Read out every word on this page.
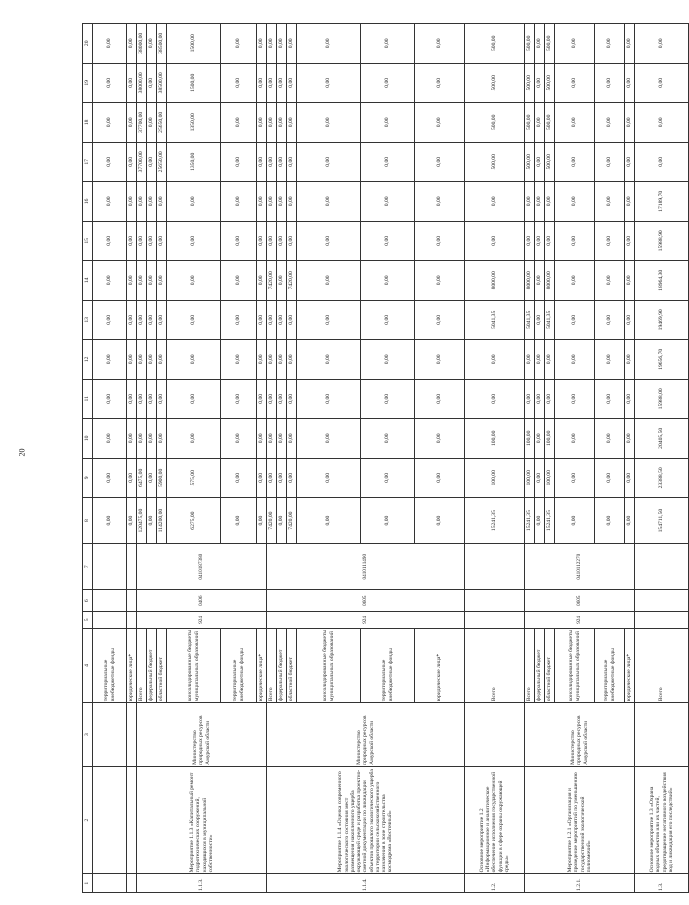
20
1	2	3	4	5	6	7	8	9	10	11	12	13	14	15	16	17	18	19	20
			территориальные внебюджетные фонды				0,00	0,00	0,00	0,00	0,00	0,00	0,00	0,00	0,00	0,00	0,00	0,00	0,00
			юридические лица*				0,00	0,00	0,00	0,00	0,00	0,00	0,00	0,00	0,00	0,00	0,00	0,00	0,00
1.1.3.	Мероприятие 1.1.3 «Капитальный ремонт гидротехнических сооружений, находящихся в муниципальной собственности»	Министерство природных ресурсов Амурской области	Всего	924	0406	0410187380	120475,00	6475,00	0,00	0,00	0,00	0,00	0,00	0,00	0,00	37700,00	37700,00	38000,00	38000,00
			федеральный бюджет				0,00	0,00	0,00	0,00	0,00	0,00	0,00	0,00	0,00	0,00	0,00	0,00	0,00
			областной бюджет				114200,00	5900,00	0,00	0,00	0,00	0,00	0,00	0,00	0,00	25650,00	25650,00	38500,00	38500,00
			консолидированные бюджеты муниципальных образований				6275,00	575,00	0,00	0,00	0,00	0,00	0,00	0,00	0,00	1350,00	1350,00	1500,00	1500,00
			территориальные внебюджетные фонды				0,00	0,00	0,00	0,00	0,00	0,00	0,00	0,00	0,00	0,00	0,00	0,00	0,00
			юридические лица*				0,00	0,00	0,00	0,00	0,00	0,00	0,00	0,00	0,00	0,00	0,00	0,00	0,00
1.1.4.	Мероприятие 1.1.4 «Оценка современного экологического состояния мест размещения накопленного ущерба окружающей среде и разработка проектно-сметной документации по ликвидации объектов прошлого экологического ущерба на территории сельскохозяйственного назначения в зоне строительства космодрома «Восточный»	Министерство природных ресурсов Амурской области	Всего	924	0605	0410111490	7420,00	0,00	0,00	0,00	0,00	0,00	7420,00	0,00	0,00	0,00	0,00	0,00	0,00
			федеральный бюджет				0,00	0,00	0,00	0,00	0,00	0,00	0,00	0,00	0,00	0,00	0,00	0,00	0,00
			областной бюджет				7420,00	0,00	0,00	0,00	0,00	0,00	7420,00	0,00	0,00	0,00	0,00	0,00	0,00
			консолидированные бюджеты муниципальных образований				0,00	0,00	0,00	0,00	0,00	0,00	0,00	0,00	0,00	0,00	0,00	0,00	0,00
			территориальные внебюджетные фонды				0,00	0,00	0,00	0,00	0,00	0,00	0,00	0,00	0,00	0,00	0,00	0,00	0,00
			юридические лица*				0,00	0,00	0,00	0,00	0,00	0,00	0,00	0,00	0,00	0,00	0,00	0,00	0,00
1.2.	Основное мероприятие 1.2 «Информационное и аналитическое обеспечение исполнения государственной функции в сфере охраны окружающей среды»		Всего				15241,35	100,00	100,00	0,00	0,00	5041,35	8000,00	0,00	0,00	500,00	500,00	500,00	500,00
1.2.1.	Мероприятие 1.2.1 «Организация и проведение мероприятий по уменьшению государственной экологической полномочий»	Министерство природных ресурсов Амурской области	Всего	924	0605	0410112270	15241,35	100,00	100,00	0,00	0,00	5041,35	8000,00	0,00	0,00	500,00	500,00	500,00	500,00
			федеральный бюджет				0,00	0,00	0,00	0,00	0,00	0,00	0,00	0,00	0,00	0,00	0,00	0,00	0,00
			областной бюджет				15241,35	100,00	100,00	0,00	0,00	5041,35	8000,00	0,00	0,00	500,00	500,00	500,00	500,00
			консолидированные бюджеты муниципальных образований				0,00	0,00	0,00	0,00	0,00	0,00	0,00	0,00	0,00	0,00	0,00	0,00	0,00
			территориальные внебюджетные фонды				0,00	0,00	0,00	0,00	0,00	0,00	0,00	0,00	0,00	0,00	0,00	0,00	0,00
			юридические лица*				0,00	0,00	0,00	0,00	0,00	0,00	0,00	0,00	0,00	0,00	0,00	0,00	0,00
1.3.	Основное мероприятие 1.3 «Охрана водных объектов или их частей, предотвращение негативного воздействия вод и ликвидация его последствий»		Всего				154711,50	23388,50	20405,50	15988,00	19656,70	19469,90	18964,30	15988,90	17189,70	0,00	0,00	0,00	0,00
